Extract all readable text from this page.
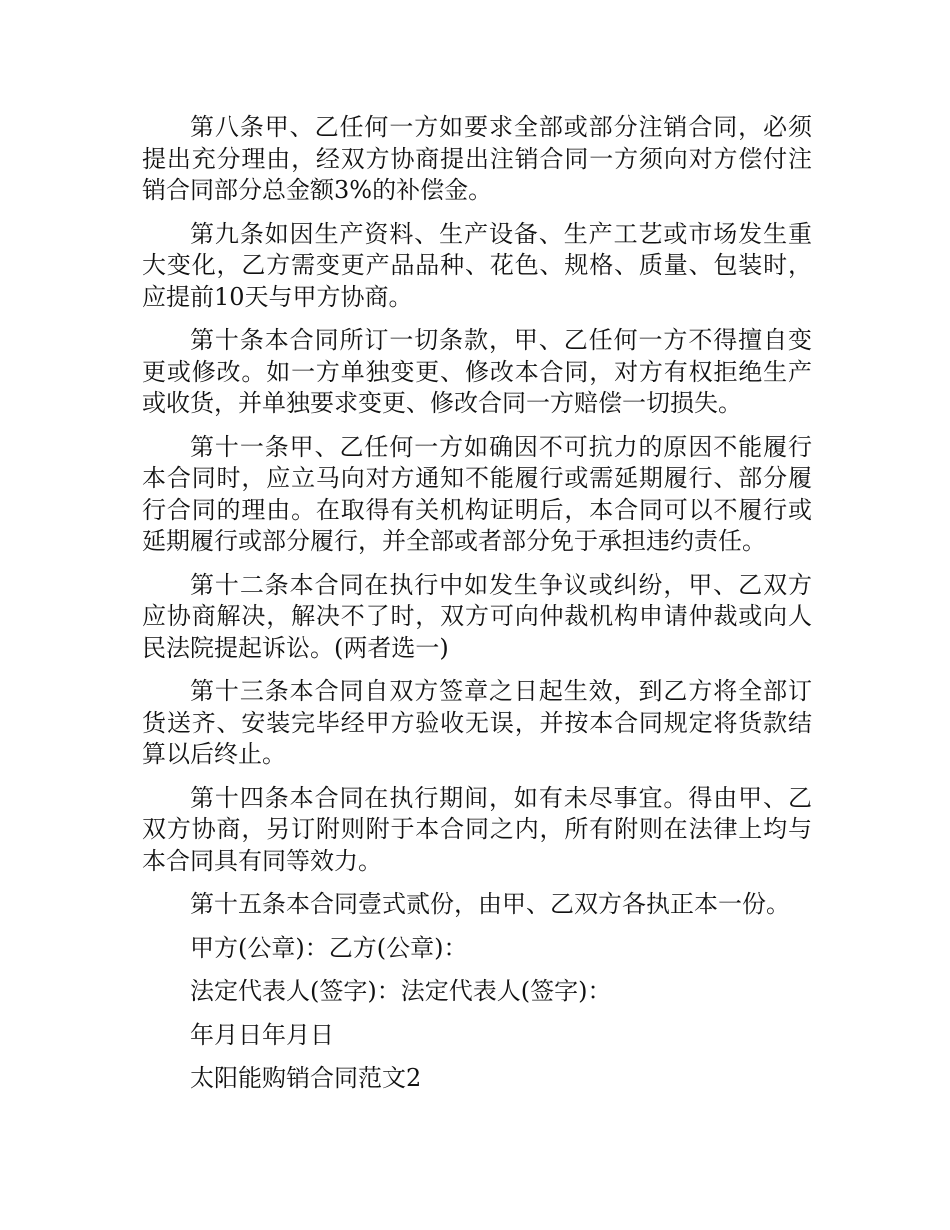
第八条甲、乙任何一方如要求全部或部分注销合同，必须提出充分理由，经双方协商提出注销合同一方须向对方偿付注销合同部分总金额3%的补偿金。

第九条如因生产资料、生产设备、生产工艺或市场发生重大变化，乙方需变更产品品种、花色、规格、质量、包装时，应提前10天与甲方协商。

第十条本合同所订一切条款，甲、乙任何一方不得擅自变更或修改。如一方单独变更、修改本合同，对方有权拒绝生产或收货，并单独要求变更、修改合同一方赔偿一切损失。

第十一条甲、乙任何一方如确因不可抗力的原因不能履行本合同时，应立马向对方通知不能履行或需延期履行、部分履行合同的理由。在取得有关机构证明后，本合同可以不履行或延期履行或部分履行，并全部或者部分免于承担违约责任。

第十二条本合同在执行中如发生争议或纠纷，甲、乙双方应协商解决，解决不了时，双方可向仲裁机构申请仲裁或向人民法院提起诉讼。(两者选一)

第十三条本合同自双方签章之日起生效，到乙方将全部订货送齐、安装完毕经甲方验收无误，并按本合同规定将货款结算以后终止。

第十四条本合同在执行期间，如有未尽事宜。得由甲、乙双方协商，另订附则附于本合同之内，所有附则在法律上均与本合同具有同等效力。

第十五条本合同壹式贰份，由甲、乙双方各执正本一份。

甲方(公章)：乙方(公章)：

法定代表人(签字)：法定代表人(签字)：

年月日年月日

太阳能购销合同范文2
